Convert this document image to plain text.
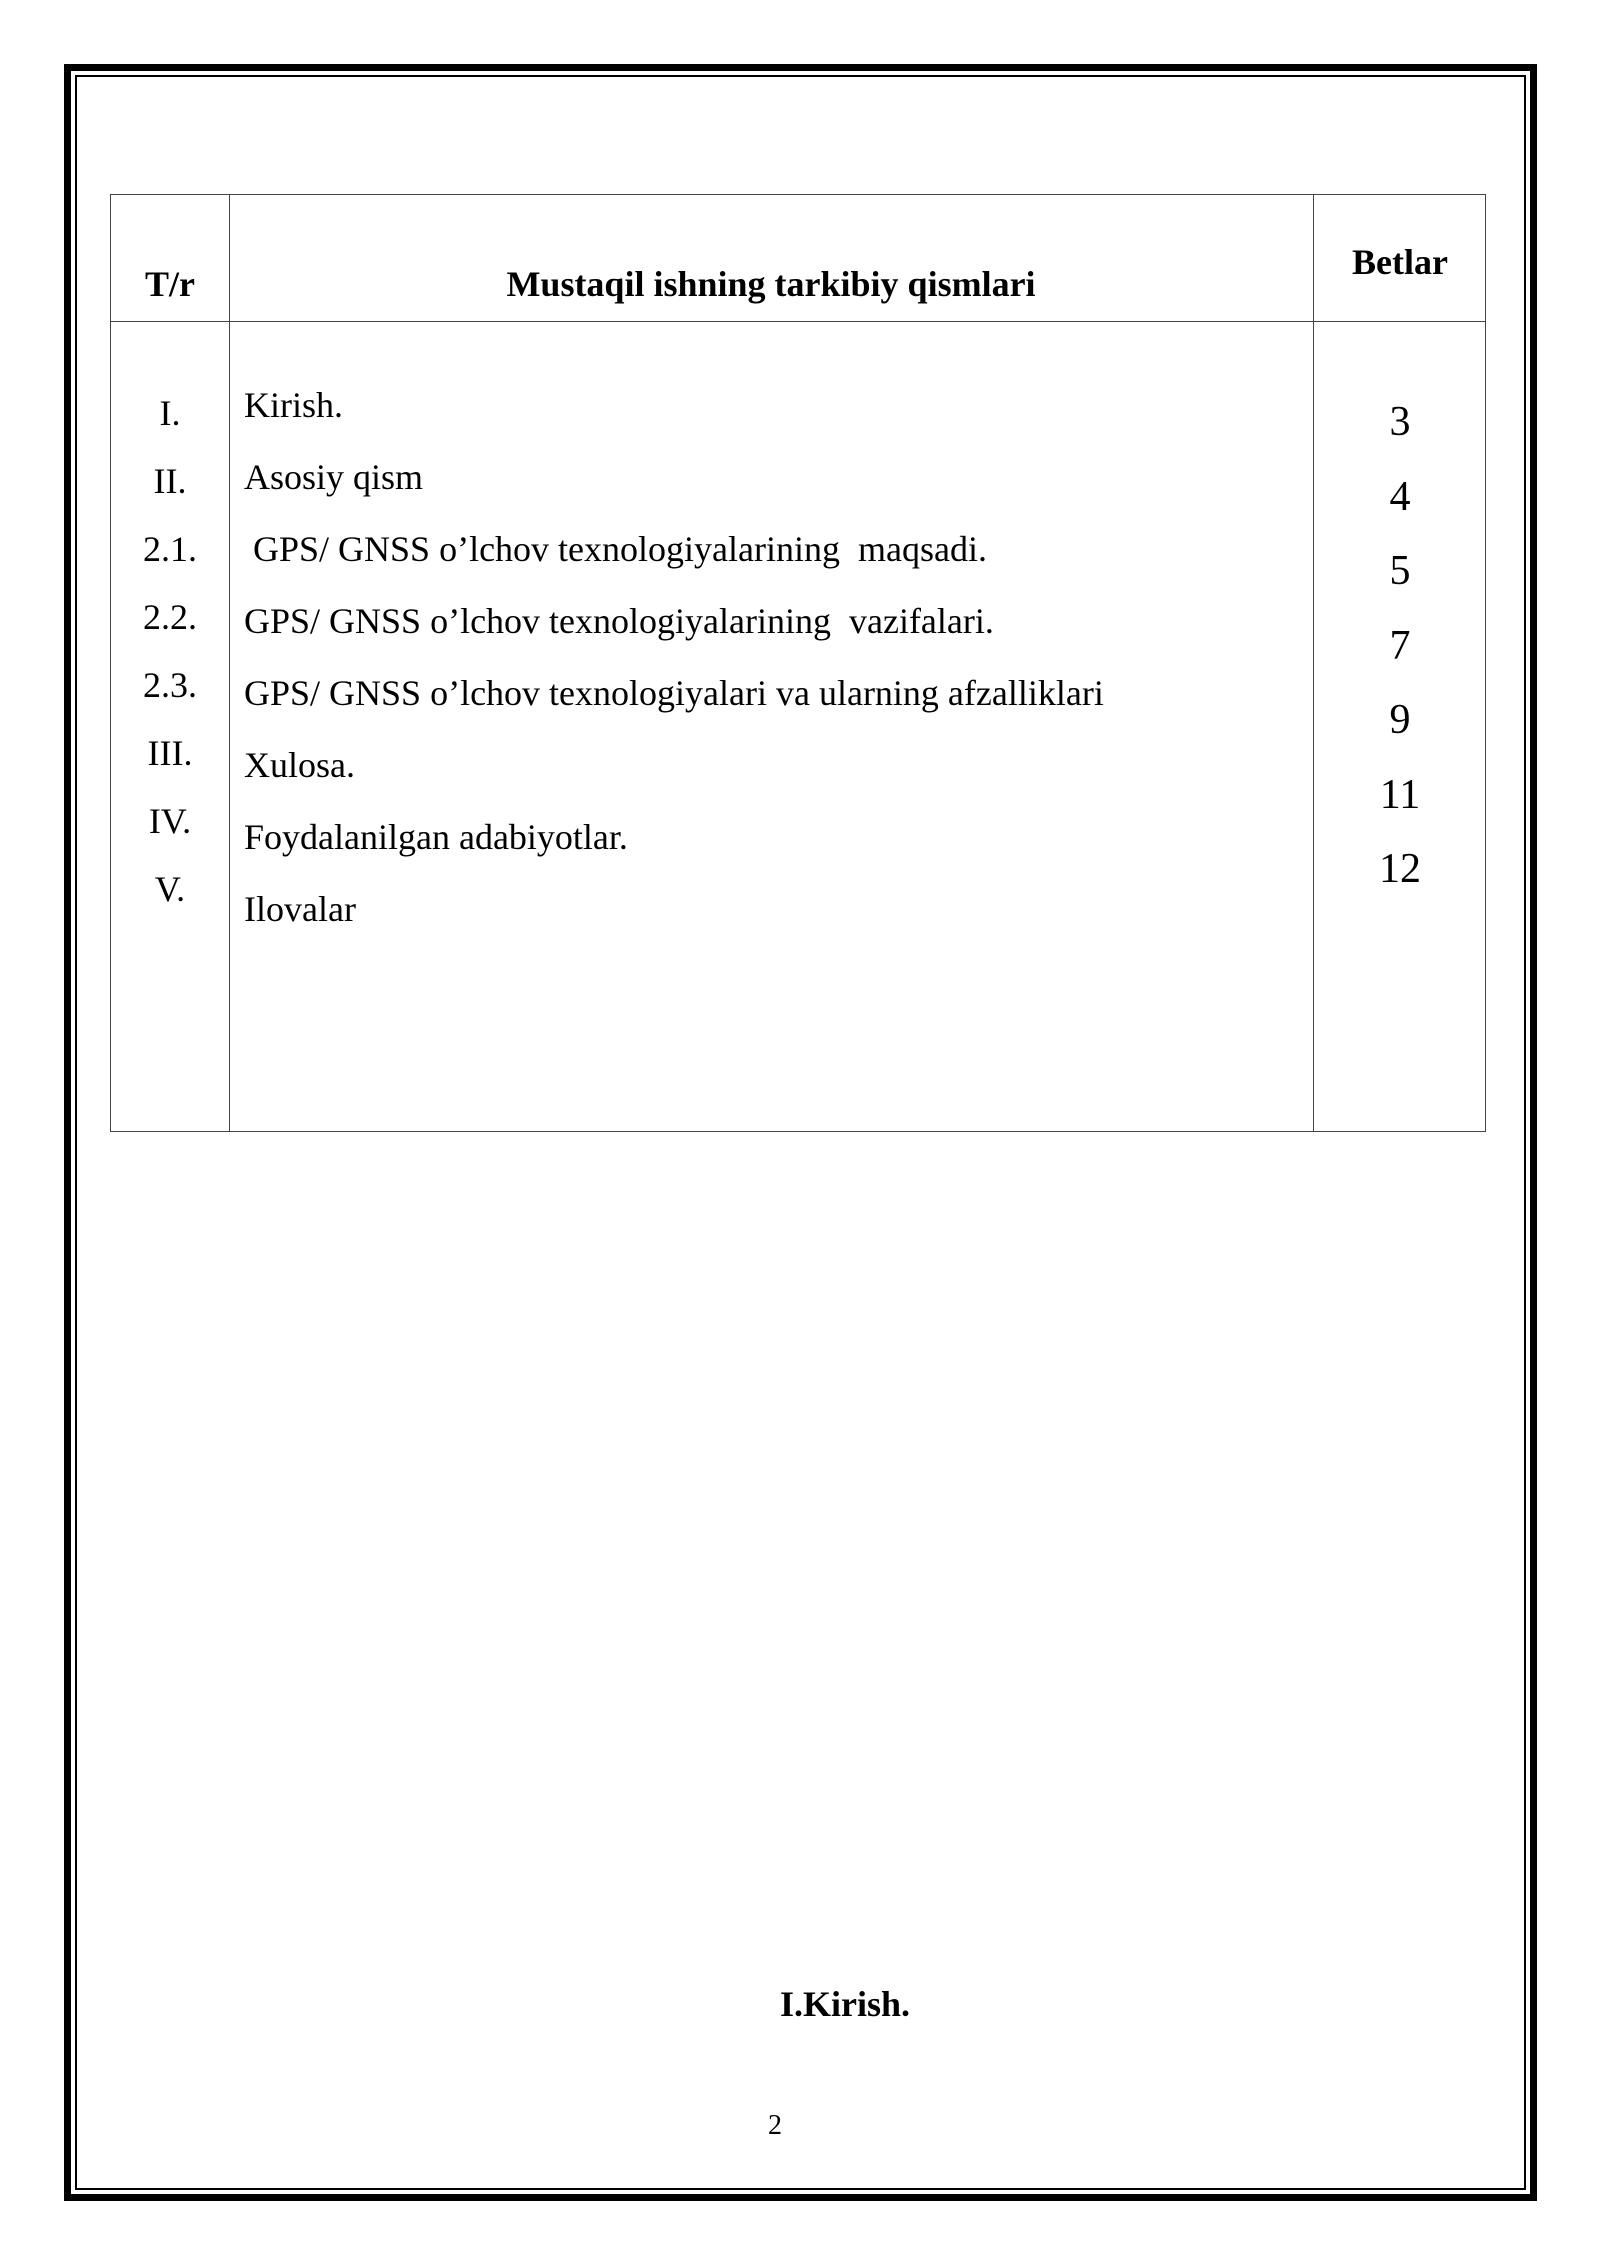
T/r	Mustaqil ishning tarkibiy qismlari
Betlar
I.
II.
2.1.
2.2.
2.3.
III.
IV.
V.
Kirish.
Asosiy qism
GPS/ GNSS o’lchov texnologiyalarining  maqsadi.
GPS/ GNSS o’lchov texnologiyalarining  vazifalari.
GPS/ GNSS o’lchov texnologiyalari va ularning afzalliklari
Xulosa.
Foydalanilgan adabiyotlar.
Ilovalar
3
4
5
7
9
11
12
I.Kirish.
2
